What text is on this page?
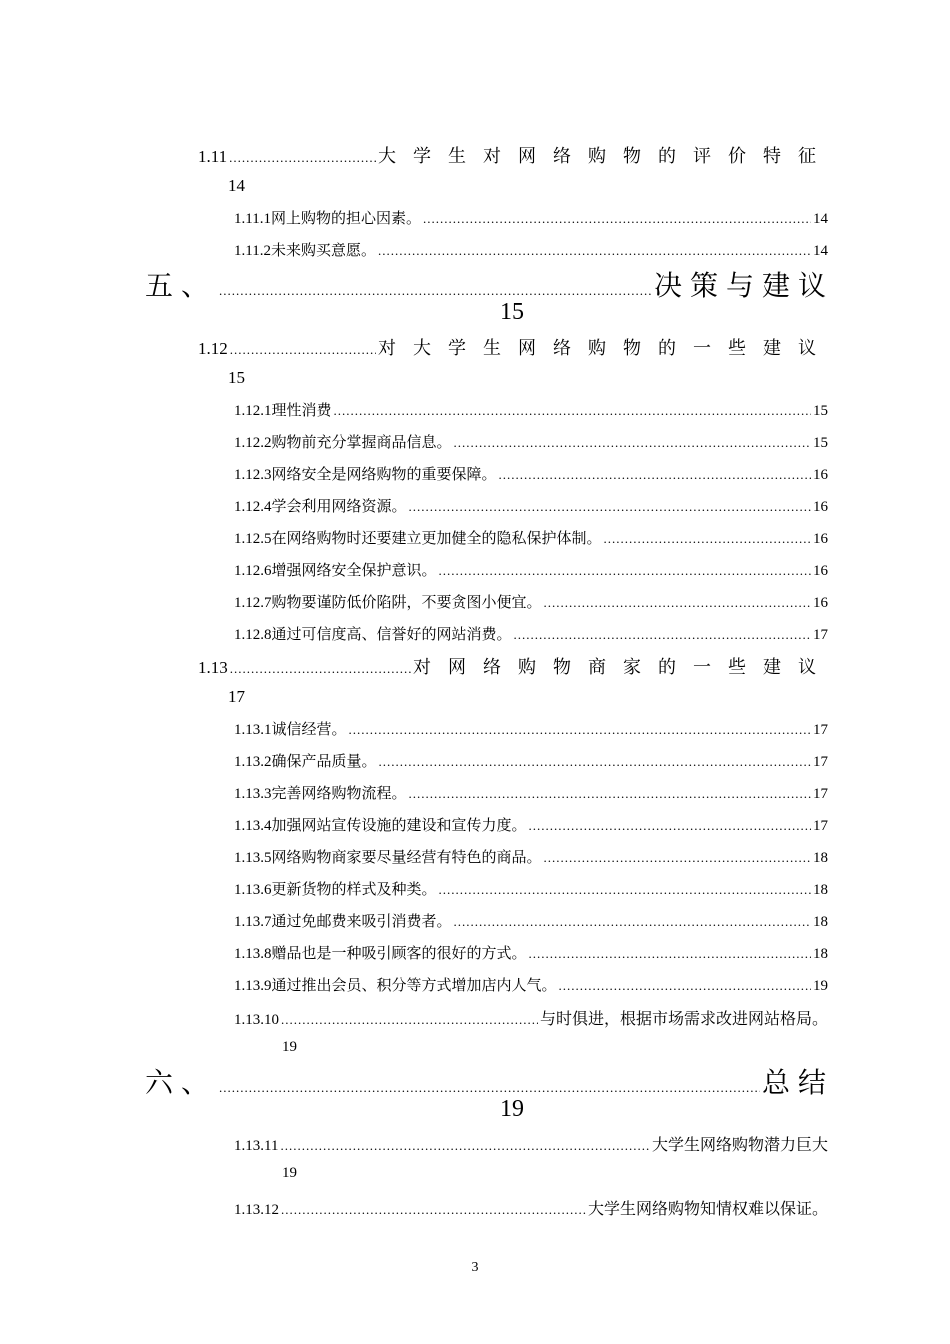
1.11 .....	大学生对网络购物的评价特征
14
1.11.1 网上购物的担心因素。 .....	14
1.11.2 未来购买意愿。 .....	14
五、 .....	决策与建议
15
1.12 .....	对大学生网络购物的一些建议
15
1.12.1 理性消费 .....	15
1.12.2 购物前充分掌握商品信息。 .....	15
1.12.3 网络安全是网络购物的重要保障。 .....	16
1.12.4 学会利用网络资源。 .....	16
1.12.5 在网络购物时还要建立更加健全的隐私保护体制。 .....	16
1.12.6 增强网络安全保护意识。 .....	16
1.12.7 购物要谨防低价陷阱，不要贪图小便宜。 .....	16
1.12.8 通过可信度高、信誉好的网站消费。 .....	17
1.13 .....	对网络购物商家的一些建议
17
1.13.1 诚信经营。 .....	17
1.13.2 确保产品质量。 .....	17
1.13.3 完善网络购物流程。 .....	17
1.13.4 加强网站宣传设施的建设和宣传力度。 .....	17
1.13.5 网络购物商家要尽量经营有特色的商品。 .....	18
1.13.6 更新货物的样式及种类。 .....	18
1.13.7 通过免邮费来吸引消费者。 .....	18
1.13.8 赠品也是一种吸引顾客的很好的方式。 .....	18
1.13.9 通过推出会员、积分等方式增加店内人气。 .....	19
1.13.10 .....	与时俱进，根据市场需求改进网站格局。
19
六、 .....	总结
19
1.13.11 .....	大学生网络购物潜力巨大
19
1.13.12 .....	大学生网络购物知情权难以保证。
3
